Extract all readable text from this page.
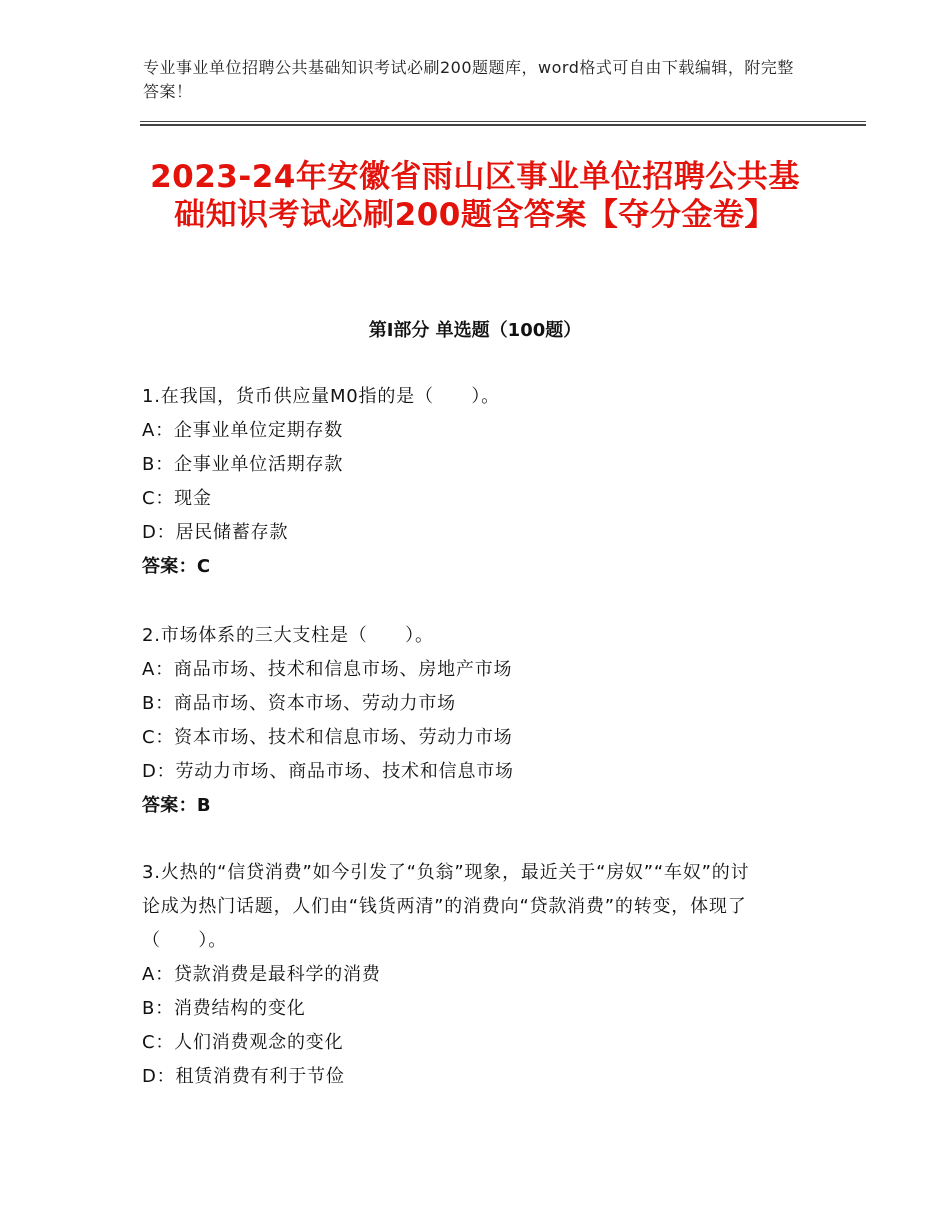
专业事业单位招聘公共基础知识考试必刷200题题库，word格式可自由下载编辑，附完整答案！
2023-24年安徽省雨山区事业单位招聘公共基础知识考试必刷200题含答案【夺分金卷】
第Ⅰ部分 单选题（100题）

1.在我国，货币供应量M0指的是（　　）。

A：企事业单位定期存数

B：企事业单位活期存款

C：现金

D：居民储蓄存款

答案：C

2.市场体系的三大支柱是（　　）。

A：商品市场、技术和信息市场、房地产市场

B：商品市场、资本市场、劳动力市场

C：资本市场、技术和信息市场、劳动力市场

D：劳动力市场、商品市场、技术和信息市场

答案：B

3.火热的“信贷消费”如今引发了“负翁”现象，最近关于“房奴”“车奴”的讨论成为热门话题，人们由“钱货两清”的消费向“贷款消费”的转变，体现了（　　）。

A：贷款消费是最科学的消费

B：消费结构的变化

C：人们消费观念的变化

D：租赁消费有利于节俭
